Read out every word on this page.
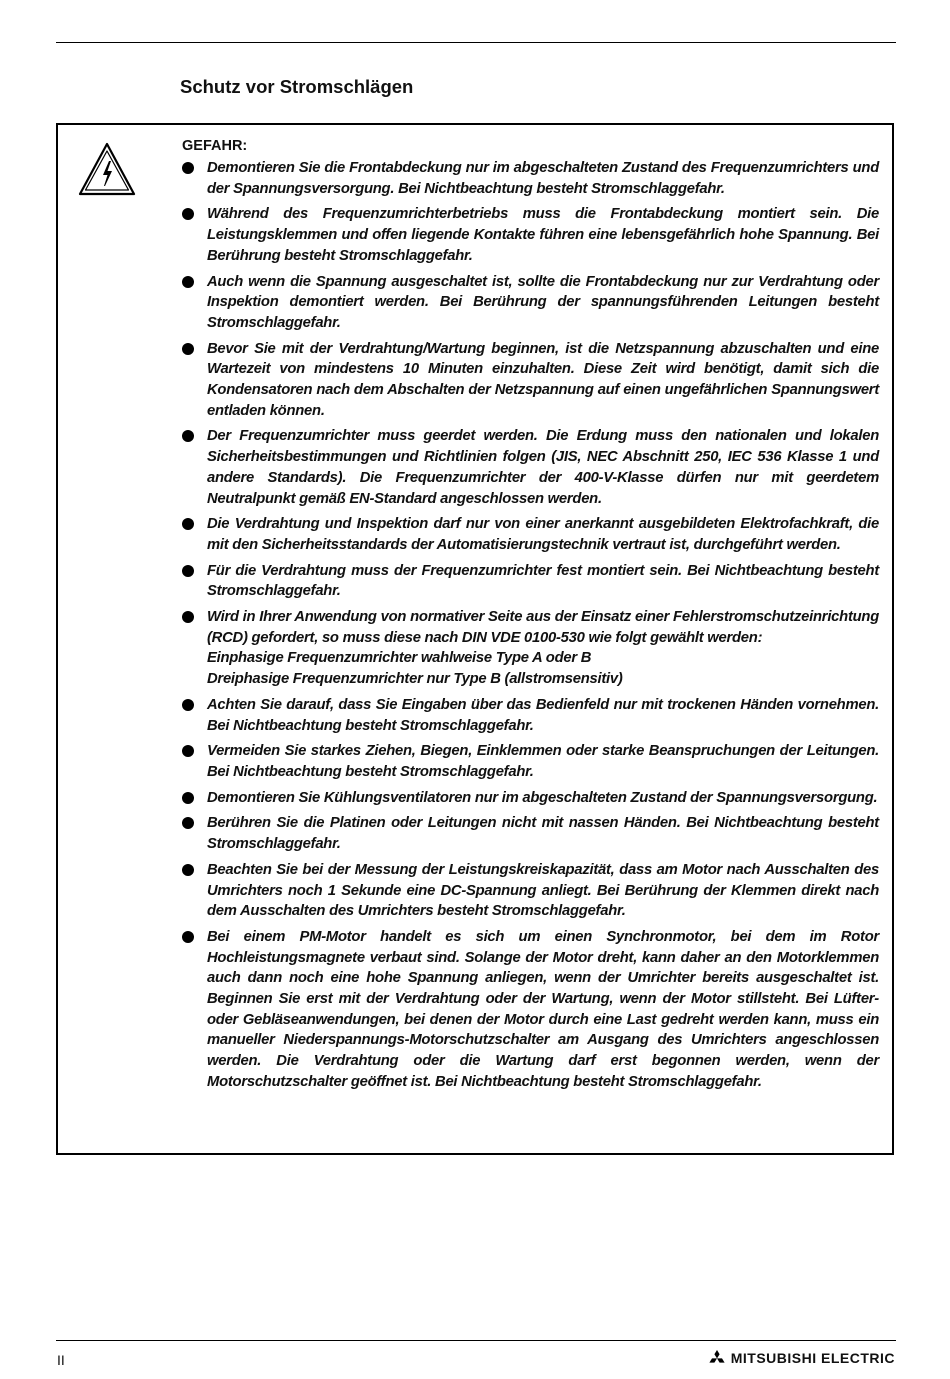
Schutz vor Stromschlägen
GEFAHR:
Demontieren Sie die Frontabdeckung nur im abgeschalteten Zustand des Frequenzumrichters und der Spannungsversorgung. Bei Nichtbeachtung besteht Stromschlaggefahr.
Während des Frequenzumrichterbetriebs muss die Frontabdeckung montiert sein. Die Leistungsklemmen und offen liegende Kontakte führen eine lebensgefährlich hohe Spannung. Bei Berührung besteht Stromschlaggefahr.
Auch wenn die Spannung ausgeschaltet ist, sollte die Frontabdeckung nur zur Verdrahtung oder Inspektion demontiert werden. Bei Berührung der spannungsführenden Leitungen besteht Stromschlaggefahr.
Bevor Sie mit der Verdrahtung/Wartung beginnen, ist die Netzspannung abzuschalten und eine Wartezeit von mindestens 10 Minuten einzuhalten. Diese Zeit wird benötigt, damit sich die Kondensatoren nach dem Abschalten der Netzspannung auf einen ungefährlichen Spannungswert entladen können.
Der Frequenzumrichter muss geerdet werden. Die Erdung muss den nationalen und lokalen Sicherheitsbestimmungen und Richtlinien folgen (JIS, NEC Abschnitt 250, IEC 536 Klasse 1 und andere Standards). Die Frequenzumrichter der 400-V-Klasse dürfen nur mit geerdetem Neutralpunkt gemäß EN-Standard angeschlossen werden.
Die Verdrahtung und Inspektion darf nur von einer anerkannt ausgebildeten Elektrofachkraft, die mit den Sicherheitsstandards der Automatisierungstechnik vertraut ist, durchgeführt werden.
Für die Verdrahtung muss der Frequenzumrichter fest montiert sein. Bei Nichtbeachtung besteht Stromschlaggefahr.
Wird in Ihrer Anwendung von normativer Seite aus der Einsatz einer Fehlerstromschutzeinrichtung (RCD) gefordert, so muss diese nach DIN VDE 0100-530 wie folgt gewählt werden:
Einphasige Frequenzumrichter wahlweise Type A oder B
Dreiphasige Frequenzumrichter nur Type B (allstromsensitiv)
Achten Sie darauf, dass Sie Eingaben über das Bedienfeld nur mit trockenen Händen vornehmen. Bei Nichtbeachtung besteht Stromschlaggefahr.
Vermeiden Sie starkes Ziehen, Biegen, Einklemmen oder starke Beanspruchungen der Leitungen. Bei Nichtbeachtung besteht Stromschlaggefahr.
Demontieren Sie Kühlungsventilatoren nur im abgeschalteten Zustand der Spannungsversorgung.
Berühren Sie die Platinen oder Leitungen nicht mit nassen Händen. Bei Nichtbeachtung besteht Stromschlaggefahr.
Beachten Sie bei der Messung der Leistungskreiskapazität, dass am Motor nach Ausschalten des Umrichters noch 1 Sekunde eine DC-Spannung anliegt. Bei Berührung der Klemmen direkt nach dem Ausschalten des Umrichters besteht Stromschlaggefahr.
Bei einem PM-Motor handelt es sich um einen Synchronmotor, bei dem im Rotor Hochleistungsmagnete verbaut sind. Solange der Motor dreht, kann daher an den Motorklemmen auch dann noch eine hohe Spannung anliegen, wenn der Umrichter bereits ausgeschaltet ist. Beginnen Sie erst mit der Verdrahtung oder der Wartung, wenn der Motor stillsteht. Bei Lüfter- oder Gebläseanwendungen, bei denen der Motor durch eine Last gedreht werden kann, muss ein manueller Niederspannungs-Motorschutzschalter am Ausgang des Umrichters angeschlossen werden. Die Verdrahtung oder die Wartung darf erst begonnen werden, wenn der Motorschutzschalter geöffnet ist. Bei Nichtbeachtung besteht Stromschlaggefahr.
II	MITSUBISHI ELECTRIC
